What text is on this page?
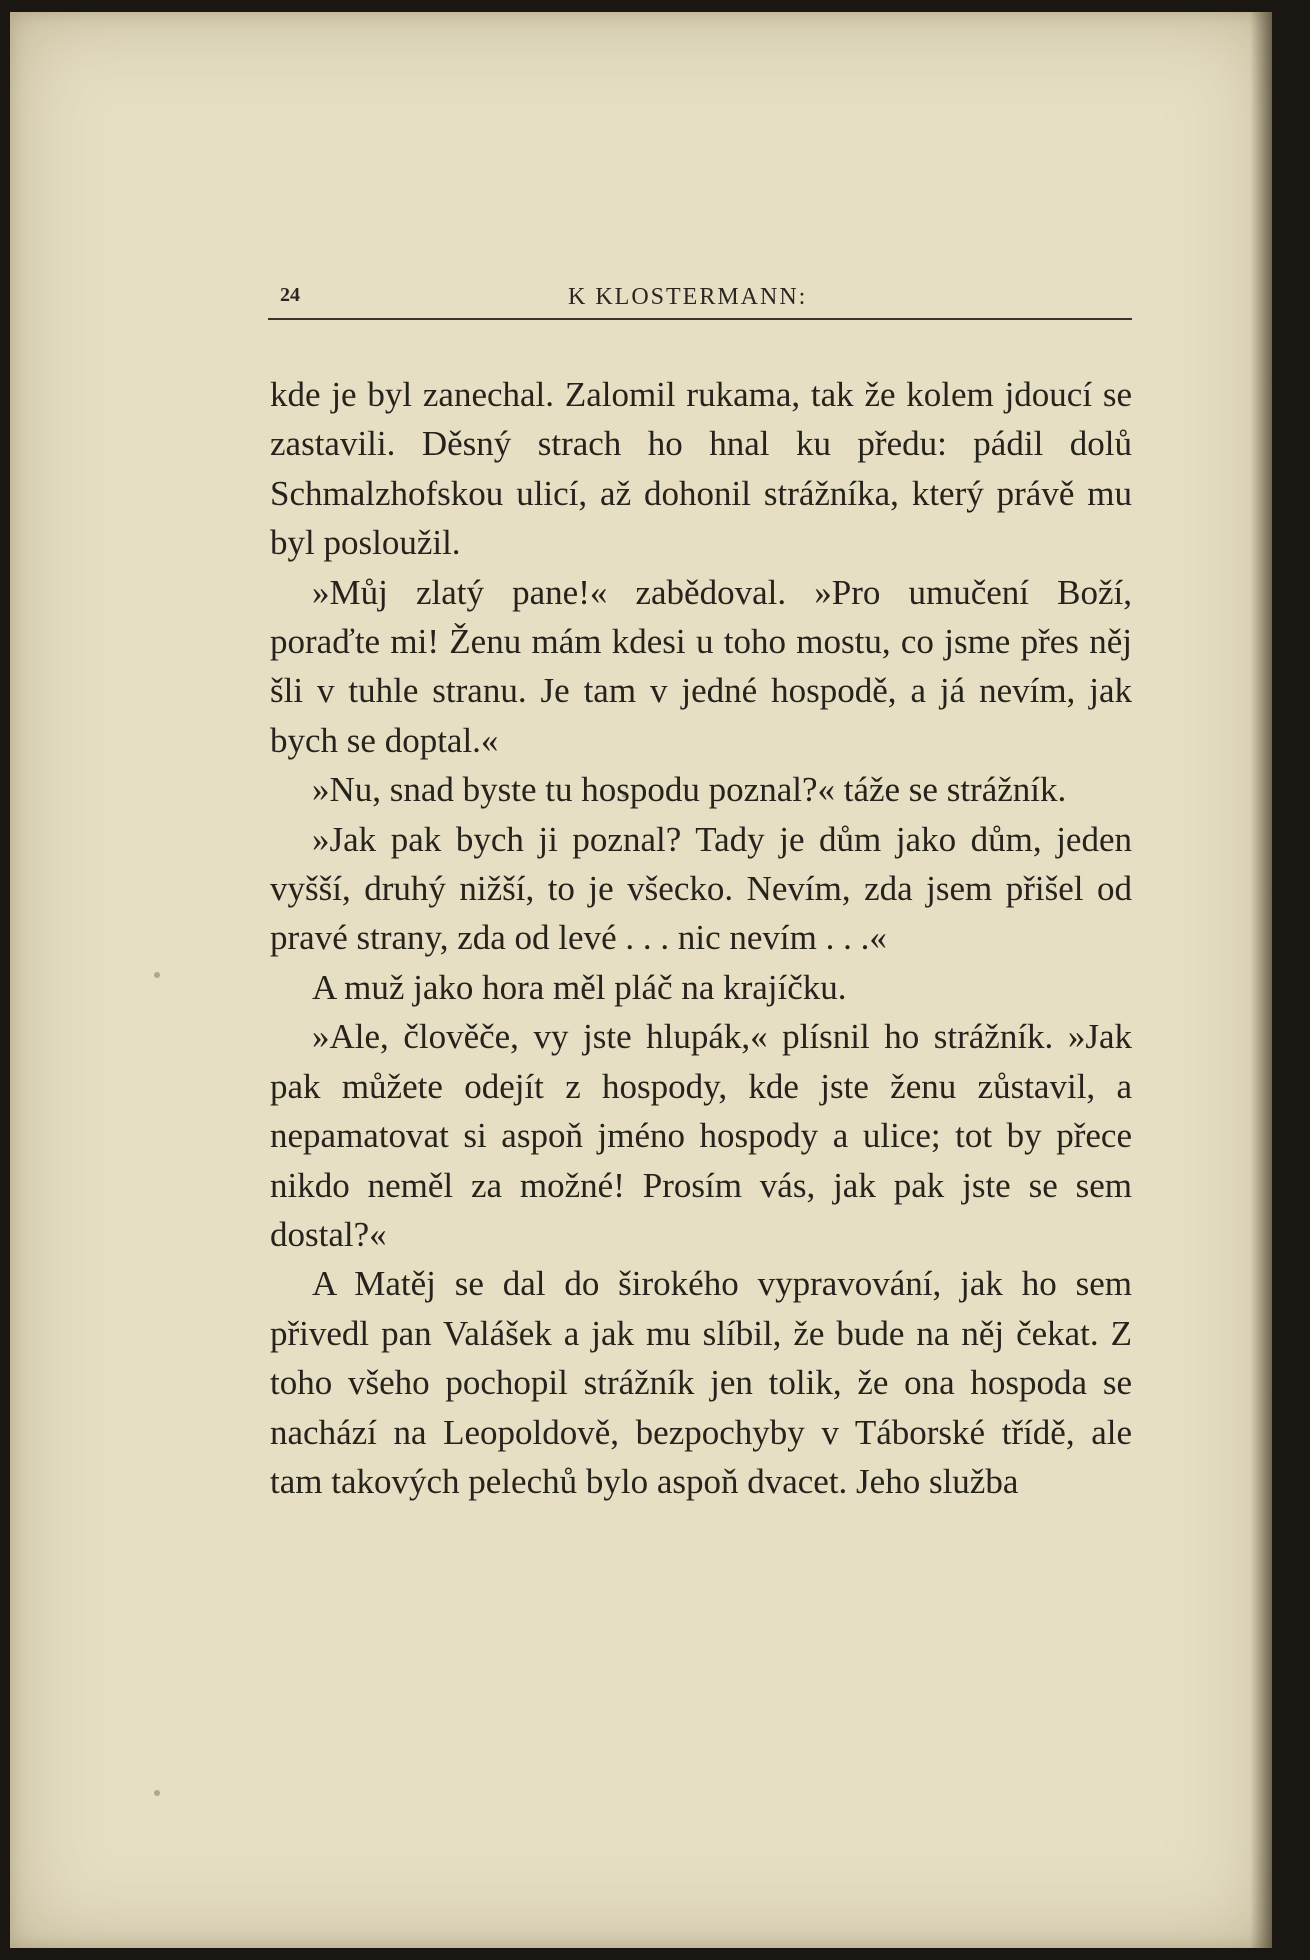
24	K KLOSTERMANN:

kde je byl zanechal. Zalomil rukama, tak že kolem jdoucí se zastavili. Děsný strach ho hnal ku předu: pádil dolů Schmalzhofskou ulicí, až dohonil strážníka, který právě mu byl posloužil.

»Můj zlatý pane!« zabědoval. »Pro umučení Boží, poraďte mi! Ženu mám kdesi u toho mostu, co jsme přes něj šli v tuhle stranu. Je tam v jedné hospodě, a já nevím, jak bych se doptal.«

»Nu, snad byste tu hospodu poznal?« táže se strážník.

»Jak pak bych ji poznal? Tady je dům jako dům, jeden vyšší, druhý nižší, to je všecko. Nevím, zda jsem přišel od pravé strany, zda od levé . . . nic nevím . . .«

A muž jako hora měl pláč na krajíčku.

»Ale, člověče, vy jste hlupák,« plísnil ho strážník. »Jak pak můžete odejít z hospody, kde jste ženu zůstavil, a nepamatovat si aspoň jméno hospody a ulice; tot by přece nikdo neměl za možné! Prosím vás, jak pak jste se sem dostal?«

A Matěj se dal do širokého vypravování, jak ho sem přivedl pan Valášek a jak mu slíbil, že bude na něj čekat. Z toho všeho pochopil strážník jen tolik, že ona hospoda se nachází na Leopoldově, bezpochyby v Táborské třídě, ale tam takových pelechů bylo aspoň dvacet. Jeho služba
